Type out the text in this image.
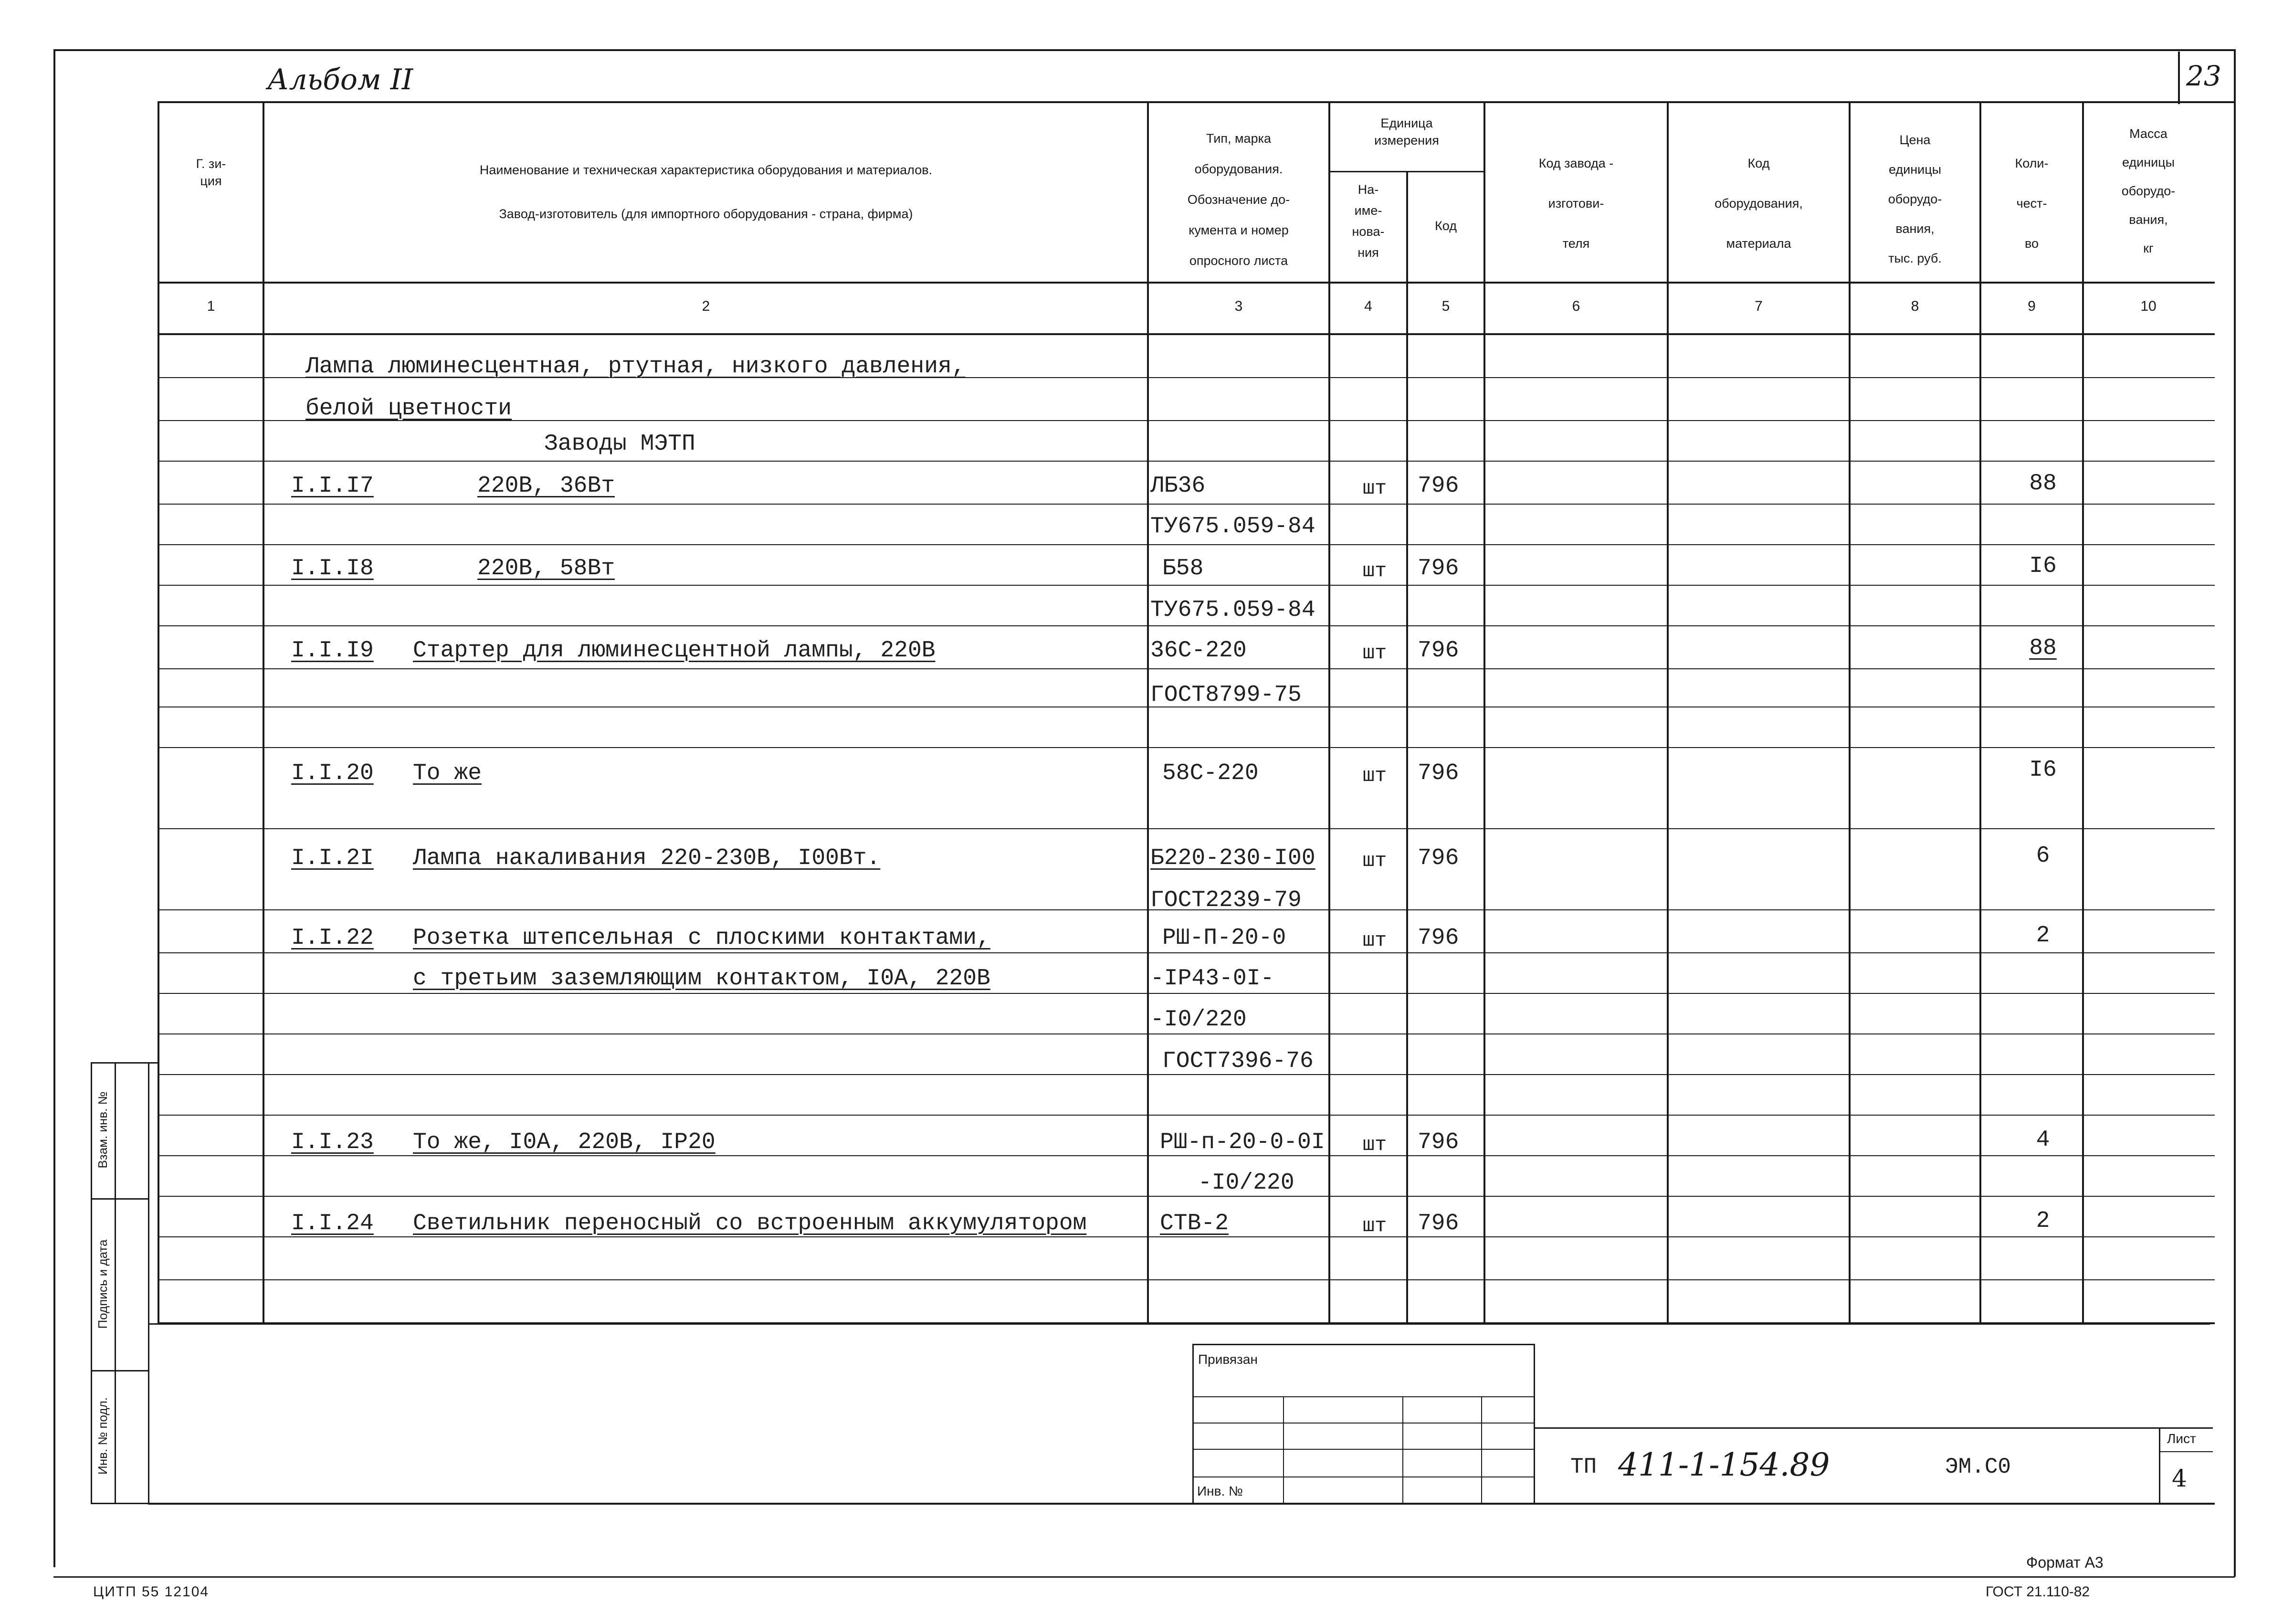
Альбом II	23
Г. зи-
ция
Наименование и техническая характеристика оборудования и материалов.
Завод-изготовитель (для импортного оборудования - страна, фирма)
Тип, марка
оборудования.
Обозначение до-
кумента и номер
опросного листа
Единица
измерения
На-
име-
нова-
ния
Код
Код завода -
изготови-
теля
Код
оборудования,
материала
Цена
единицы
оборудо-
вания,
тыс. руб.
Коли-
чест-
во
Масса
единицы
оборудо-
вания,
кг
1	2	3	4	5	6	7	8	9	10
Лампа люминесцентная, ртутная, низкого давления,
белой цветности
Заводы МЭТП
I.I.I7	220В, 36Вт	ЛБ36	шт	796	88
ТУ675.059-84
I.I.I8	220В, 58Вт	Б58	шт	796	I6
ТУ675.059-84
I.I.I9 Стартер для люминесцентной лампы, 220В	36С-220	шт	796	88
ГОСТ8799-75
I.I.20 То же	58С-220	шт	796	I6
I.I.2I Лампа накаливания 220-230В, I00Вт.	Б220-230-I00	шт	796	6
ГОСТ2239-79
I.I.22 Розетка штепсельная с плоскими контактами,	РШ-П-20-0	шт	796	2
с третьим заземляющим контактом, I0А, 220В	-IP43-0I-
-I0/220
ГОСТ7396-76
I.I.23 То же, I0А, 220В, IP20	РШ-п-20-0-0I	шт	796	4
-I0/220
I.I.24 Светильник переносный со встроенным аккумулятором	СТВ-2	шт	796	2
Взам. инв. №
Подпись и дата
Инв. № подл.
Привязан
Инв. №
ТП 411-1-154.89	ЭМ.С0
Лист
4
ЦИТП 55 12104
Формат А3
ГОСТ 21.110-82
